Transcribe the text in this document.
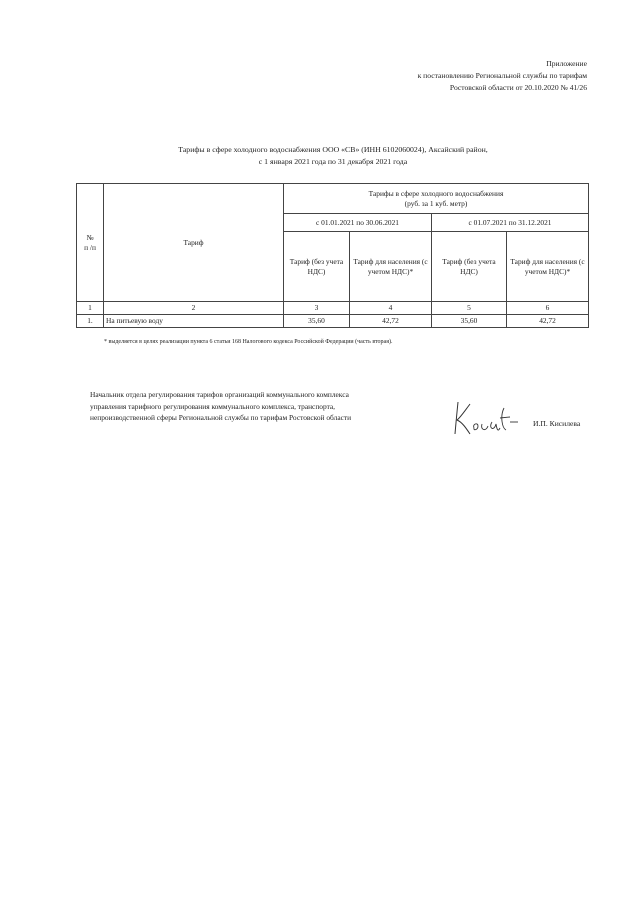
Приложение
к постановлению Региональной службы по тарифам
Ростовской области от 20.10.2020 № 41/26
Тарифы в сфере холодного водоснабжения ООО «СВ» (ИНН 6102060024), Аксайский район,
с 1 января 2021 года по 31 декабря 2021 года
№
п /п	Тариф	Тарифы в сфере холодного водоснабжения
(руб. за 1 куб. метр)			
		с 01.01.2021 по 30.06.2021		с 01.07.2021 по 31.12.2021	
		Тариф (без учета НДС)	Тариф для населения (с учетом НДС)*	Тариф (без учета НДС)	Тариф для населения (с учетом НДС)*
1	2	3	4	5	6
1.	На питьевую воду	35,60	42,72	35,60	42,72
* выделяется в целях реализации пункта 6 статьи 168 Налогового кодекса Российской Федерации (часть вторая).
Начальник отдела регулирования тарифов организаций коммунального комплекса
управления тарифного регулирования коммунального комплекса, транспорта,
непроизводственной сферы Региональной службы по тарифам Ростовской области
И.П. Кисилева
